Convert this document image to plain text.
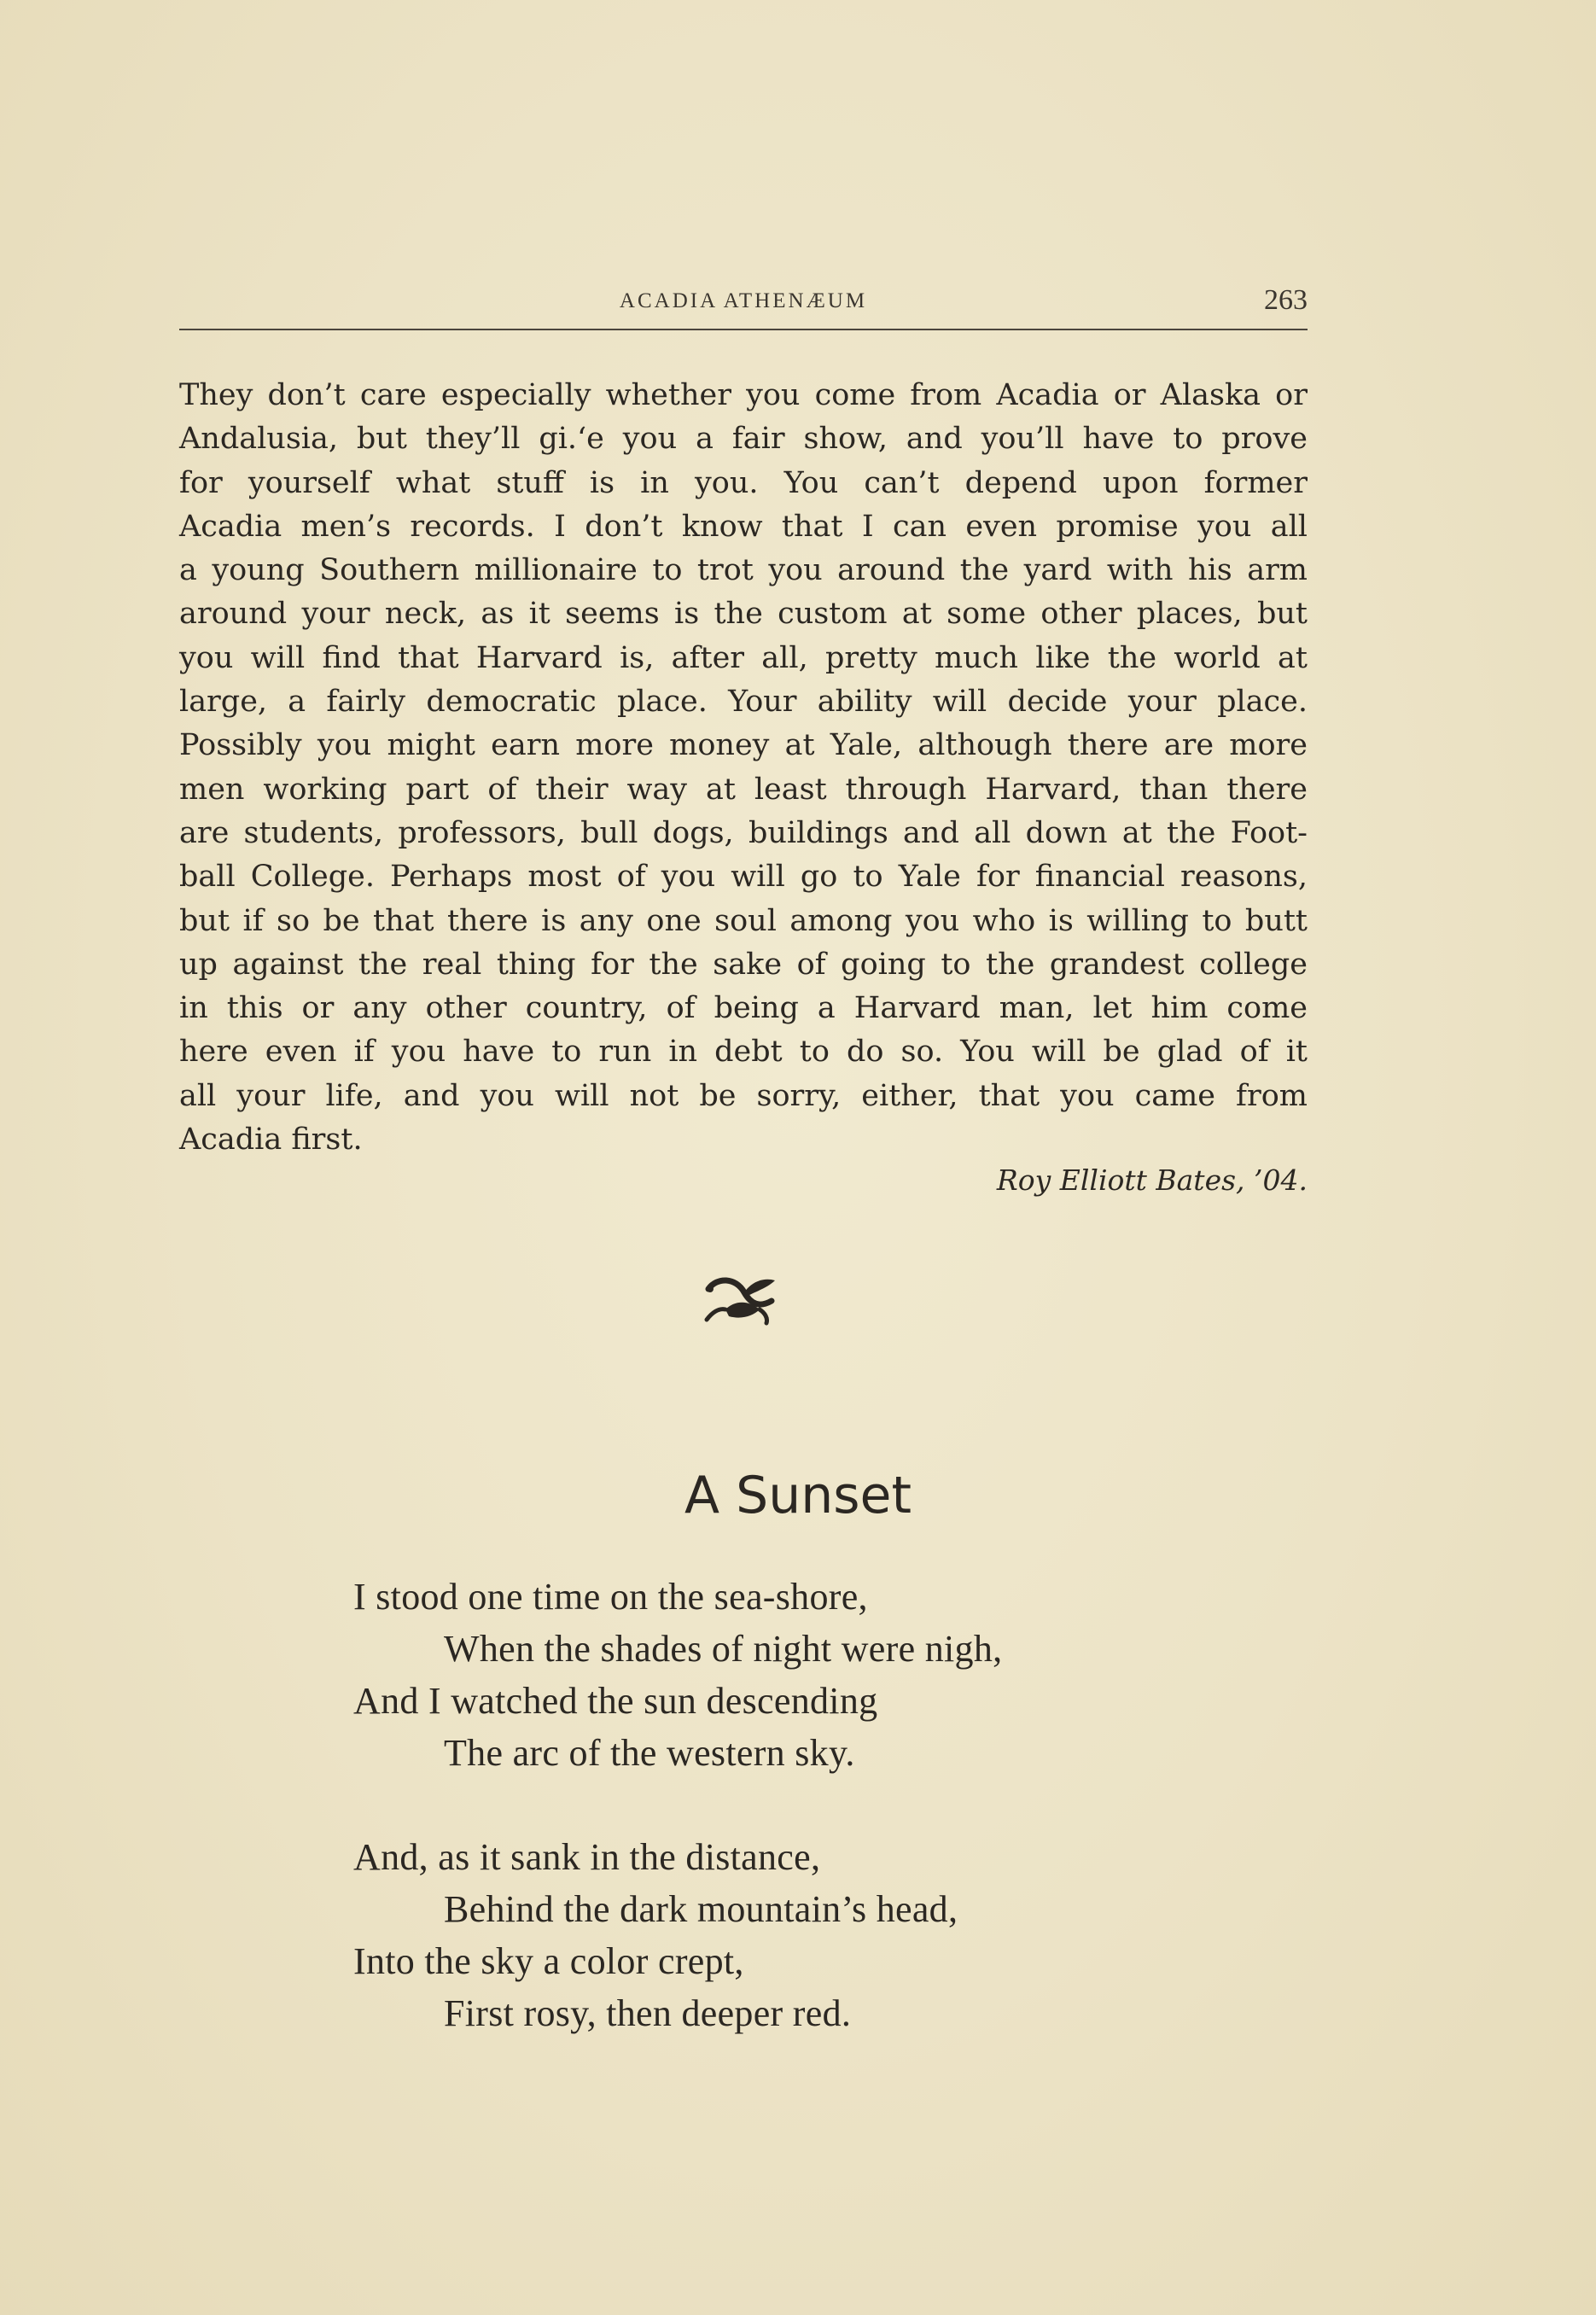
ACADIA ATHENÆUM	263
They don’t care especially whether you come from Acadia or Alaska or
Andalusia, but they’ll gi.‘e you a fair show, and you’ll have to prove
for yourself what stuff is in you. You can’t depend upon former
Acadia men’s records. I don’t know that I can even promise you all
a young Southern millionaire to trot you around the yard with his arm
around your neck, as it seems is the custom at some other places, but
you will find that Harvard is, after all, pretty much like the world at
large, a fairly democratic place. Your ability will decide your place.
Possibly you might earn more money at Yale, although there are more
men working part of their way at least through Harvard, than there
are students, professors, bull dogs, buildings and all down at the Foot-
ball College. Perhaps most of you will go to Yale for financial reasons,
but if so be that there is any one soul among you who is willing to butt
up against the real thing for the sake of going to the grandest college
in this or any other country, of being a Harvard man, let him come
here even if you have to run in debt to do so. You will be glad of it
all your life, and you will not be sorry, either, that you came from
Acadia first.
Roy Elliott Bates, ’04.
A Sunset
I stood one time on the sea-shore,
When the shades of night were nigh,
And I watched the sun descending
The arc of the western sky.
And, as it sank in the distance,
Behind the dark mountain’s head,
Into the sky a color crept,
First rosy, then deeper red.
